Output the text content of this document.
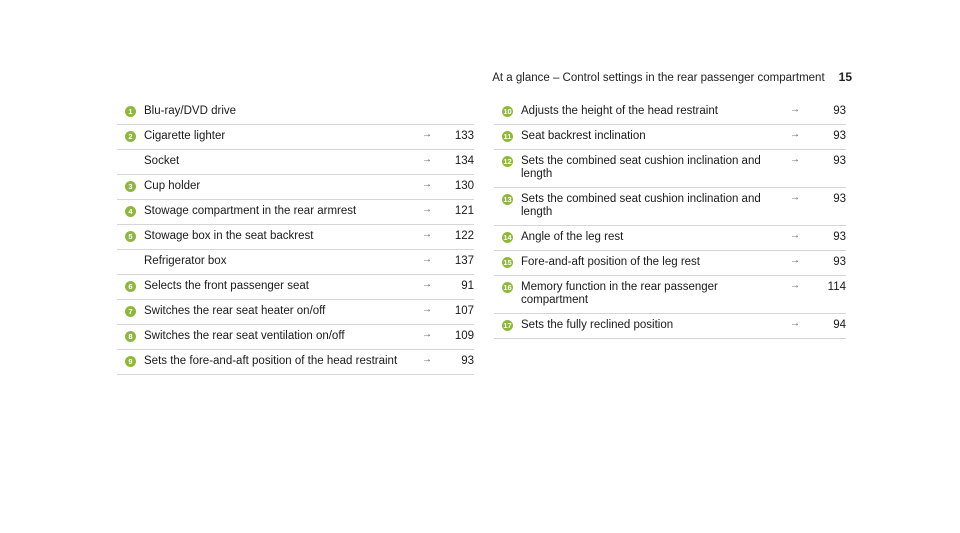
At a glance – Control settings in the rear passenger compartment 15
1 Blu-ray/DVD drive
2 Cigarette lighter	→	133
Socket	→	134
3 Cup holder	→	130
4 Stowage compartment in the rear armrest	→	121
5 Stowage box in the seat backrest	→	122
Refrigerator box	→	137
6 Selects the front passenger seat	→	91
7 Switches the rear seat heater on/off	→	107
8 Switches the rear seat ventilation on/off	→	109
9 Sets the fore-and-aft position of the head restraint	→	93
10 Adjusts the height of the head restraint	→	93
11 Seat backrest inclination	→	93
12 Sets the combined seat cushion inclination and length
→	93
13 Sets the combined seat cushion inclination and length
→	93
14 Angle of the leg rest	→	93
15 Fore-and-aft position of the leg rest	→	93
16 Memory function in the rear passenger compartment
→	114
17 Sets the fully reclined position	→	94
